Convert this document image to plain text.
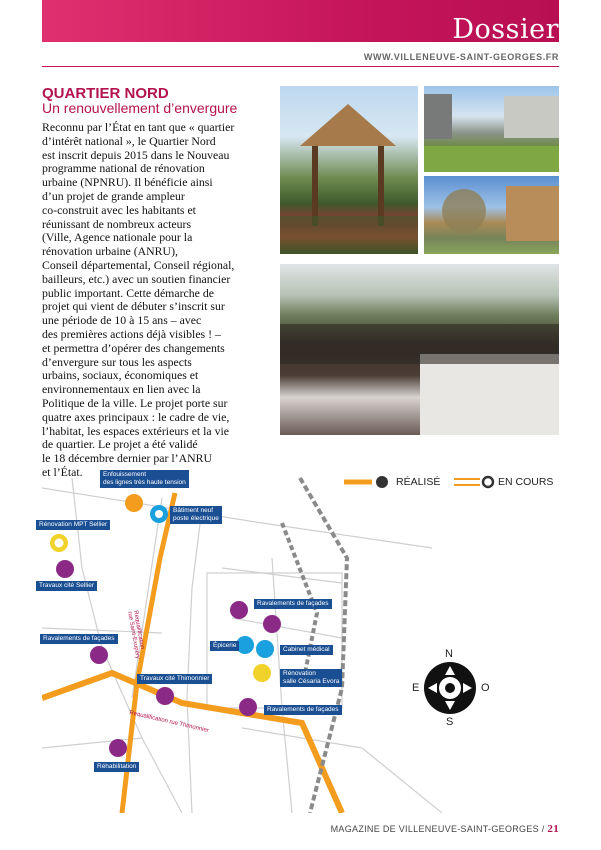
Dossier
WWW.VILLENEUVE-SAINT-GEORGES.FR
QUARTIER NORD
Un renouvellement d’envergure

Reconnu par l’État en tant que « quartier
d’intérêt national », le Quartier Nord
est inscrit depuis 2015 dans le Nouveau
programme national de rénovation
urbaine (NPNRU). Il bénéficie ainsi
d’un projet de grande ampleur
co-construit avec les habitants et
réunissant de nombreux acteurs
(Ville, Agence nationale pour la
rénovation urbaine (ANRU),
Conseil départemental, Conseil régional,
bailleurs, etc.) avec un soutien financier
public important. Cette démarche de
projet qui vient de débuter s’inscrit sur
une période de 10 à 15 ans – avec
des premières actions déjà visibles ! –
et permettra d’opérer des changements
d’envergure sur tous les aspects
urbains, sociaux, économiques et
environnementaux en lien avec la
Politique de la ville. Le projet porte sur
quatre axes principaux : le cadre de vie,
l’habitat, les espaces extérieurs et la vie
de quartier. Le projet a été validé
le 18 décembre dernier par l’ANRU
et l’État.	Enfouissement
des lignes très haute tension
Bâtiment neuf
poste électrique
Rénovation MPT Sellier
Travaux cité Sellier
Ravalements de façades
Ravalements de façades
Épicerie
Cabinet médical
Rénovation
salle Césaria Evora
Travaux cité Thimonnier
Ravalements de façades
Réhabilitation
Requalification
rue Saint-Exupéry
Requalification rue Thimonnier
RÉALISÉ	EN COURS
N
S
E	O
MAGAZINE DE VILLENEUVE-SAINT-GEORGES / 21
